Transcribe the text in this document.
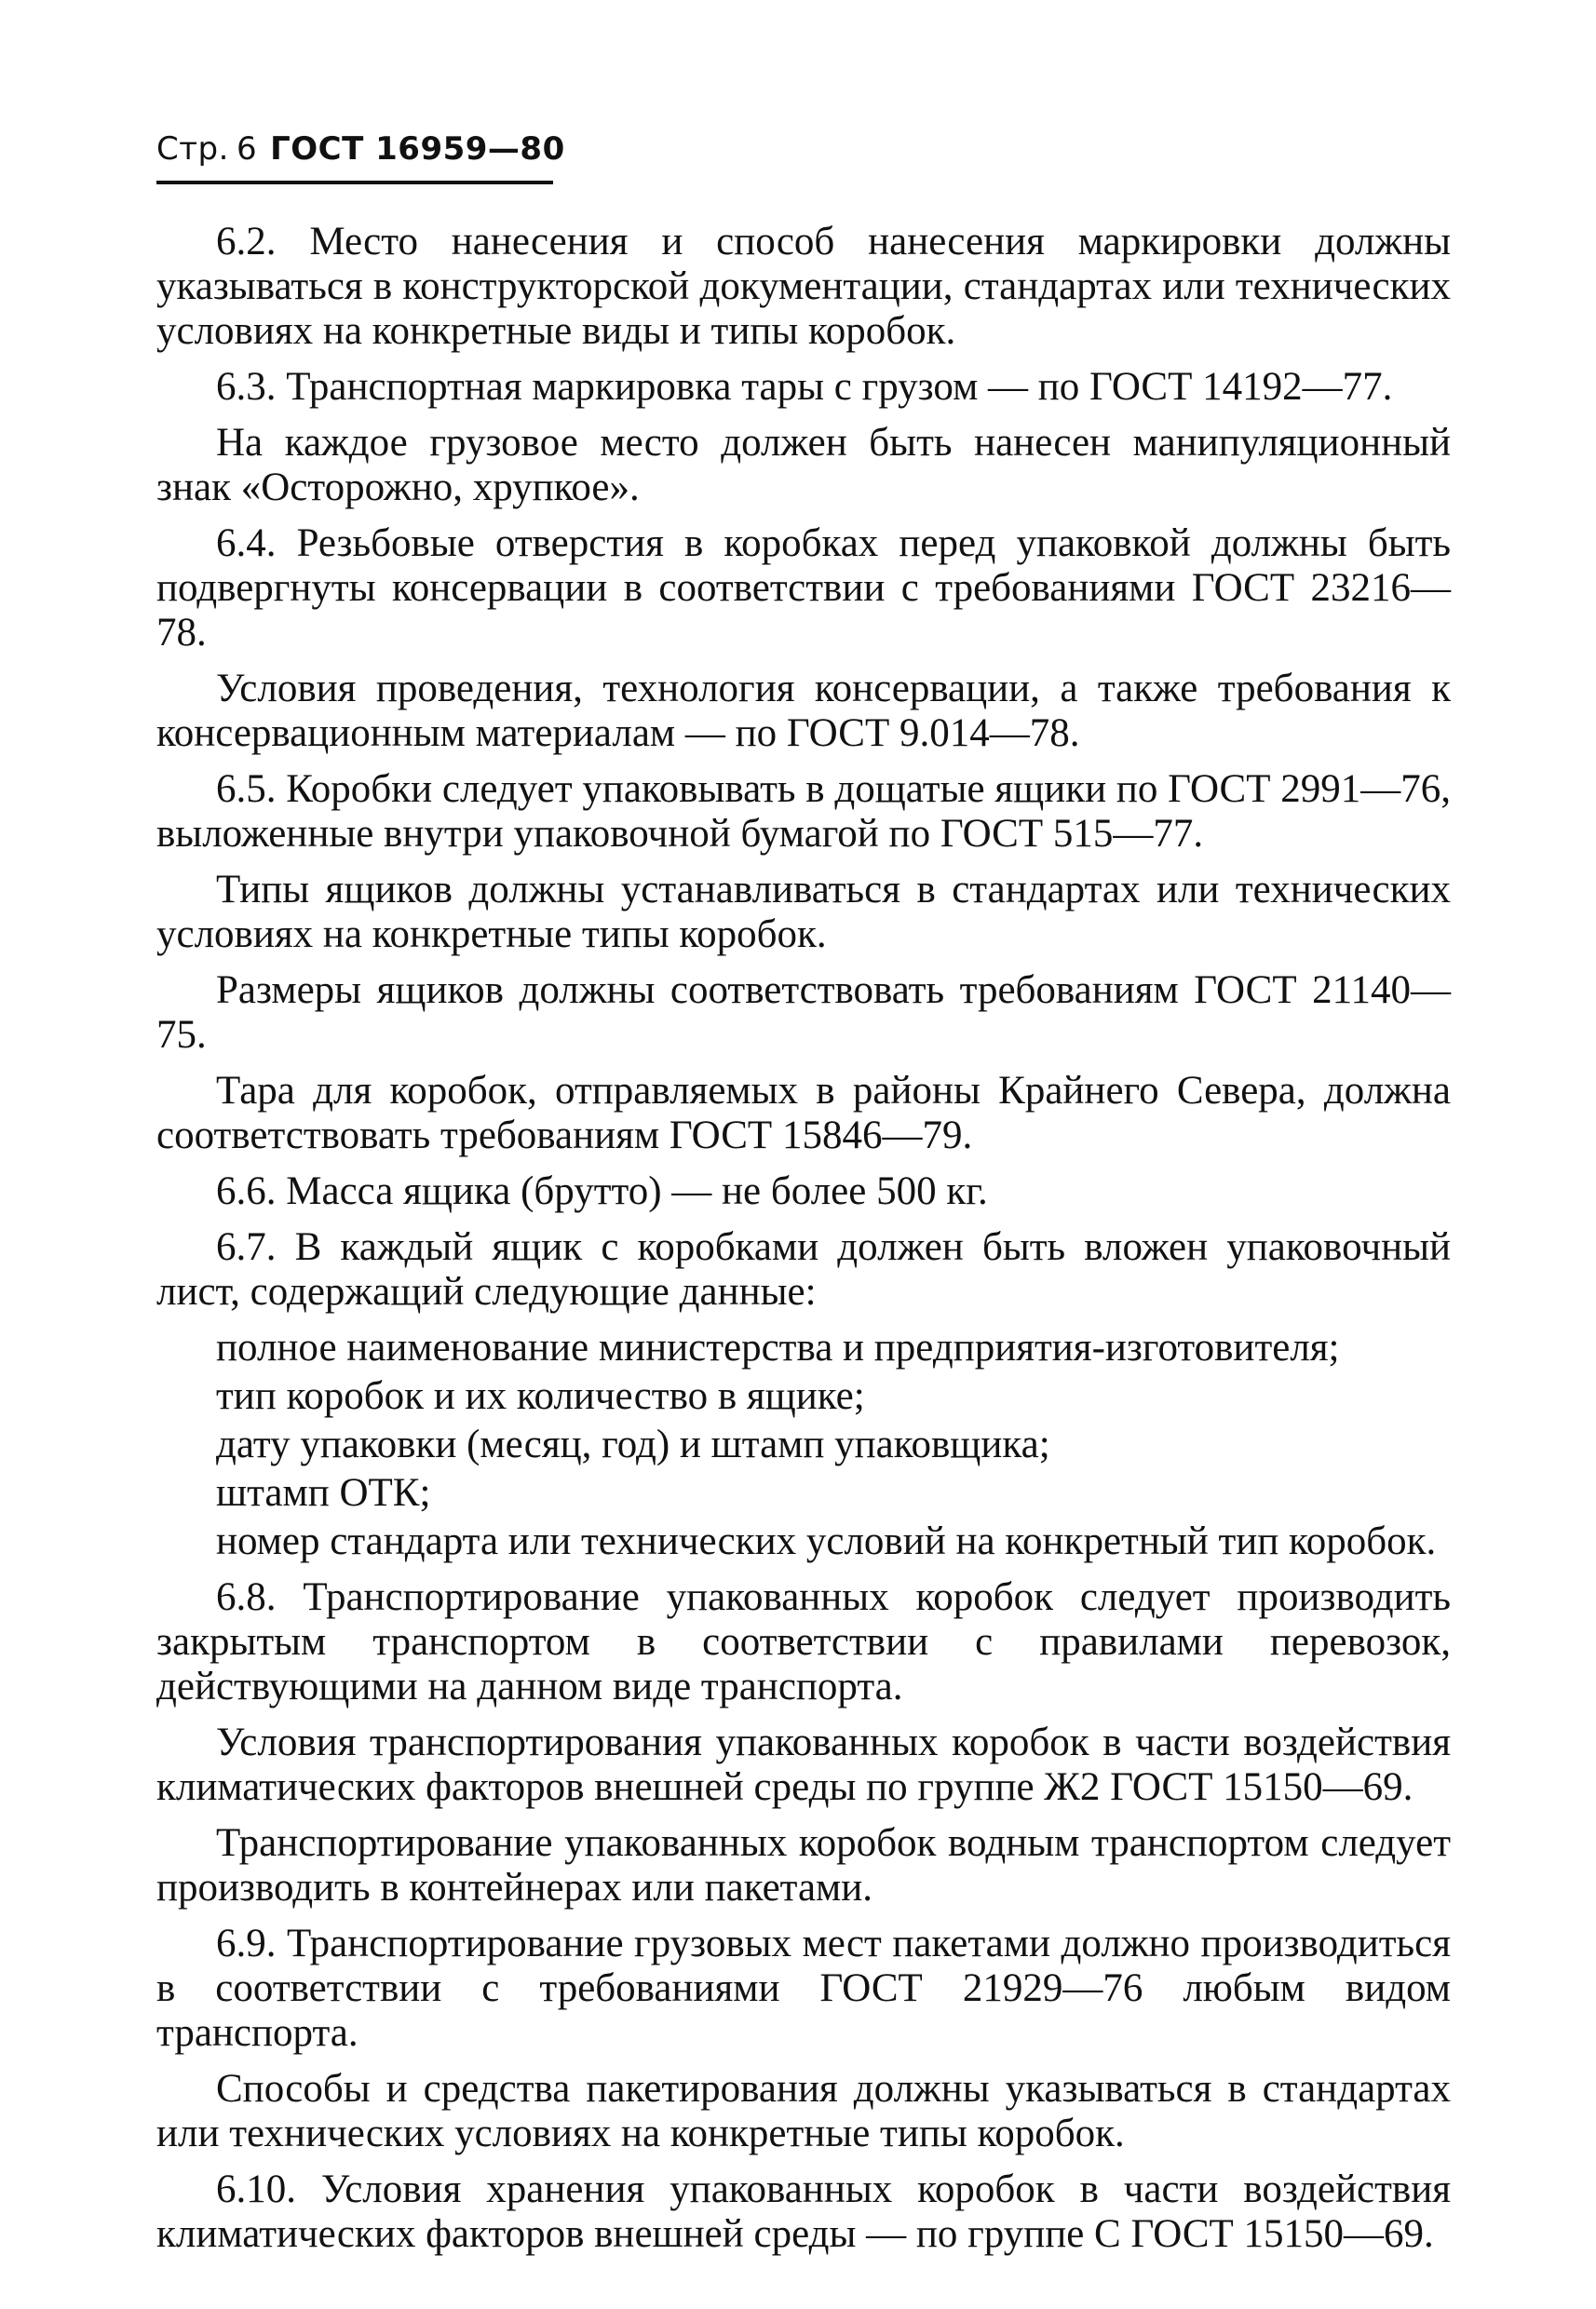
Стр. 6 ГОСТ 16959—80

6.2. Место нанесения и способ нанесения маркировки должны указываться в конструкторской документации, стандартах или технических условиях на конкретные виды и типы коробок.

6.3. Транспортная маркировка тары с грузом — по ГОСТ 14192—77.

На каждое грузовое место должен быть нанесен манипуляционный знак «Осторожно, хрупкое».

6.4. Резьбовые отверстия в коробках перед упаковкой должны быть подвергнуты консервации в соответствии с требованиями ГОСТ 23216—78.

Условия проведения, технология консервации, а также требования к консервационным материалам — по ГОСТ 9.014—78.

6.5. Коробки следует упаковывать в дощатые ящики по ГОСТ 2991—76, выложенные внутри упаковочной бумагой по ГОСТ 515—77.

Типы ящиков должны устанавливаться в стандартах или технических условиях на конкретные типы коробок.

Размеры ящиков должны соответствовать требованиям ГОСТ 21140—75.

Тара для коробок, отправляемых в районы Крайнего Севера, должна соответствовать требованиям ГОСТ 15846—79.

6.6. Масса ящика (брутто) — не более 500 кг.

6.7. В каждый ящик с коробками должен быть вложен упаковочный лист, содержащий следующие данные:

полное наименование министерства и предприятия-изготовителя;

тип коробок и их количество в ящике;

дату упаковки (месяц, год) и штамп упаковщика;

штамп ОТК;

номер стандарта или технических условий на конкретный тип коробок.

6.8. Транспортирование упакованных коробок следует производить закрытым транспортом в соответствии с правилами перевозок, действующими на данном виде транспорта.

Условия транспортирования упакованных коробок в части воздействия климатических факторов внешней среды по группе Ж2 ГОСТ 15150—69.

Транспортирование упакованных коробок водным транспортом следует производить в контейнерах или пакетами.

6.9. Транспортирование грузовых мест пакетами должно производиться в соответствии с требованиями ГОСТ 21929—76 любым видом транспорта.

Способы и средства пакетирования должны указываться в стандартах или технических условиях на конкретные типы коробок.

6.10. Условия хранения упакованных коробок в части воздействия климатических факторов внешней среды — по группе С ГОСТ 15150—69.
